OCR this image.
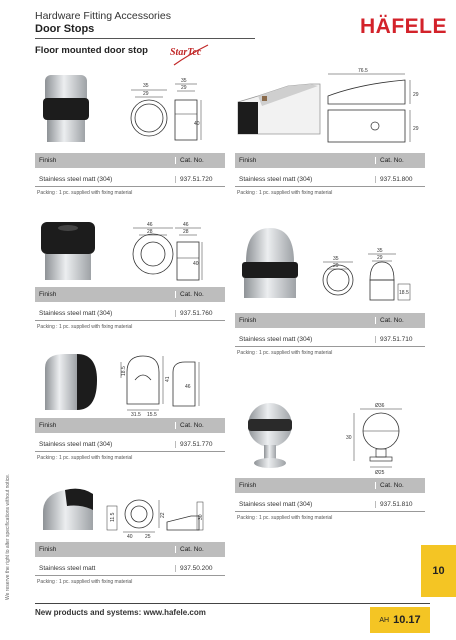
Hardware Fitting Accessories
Door Stops	HÄFELE
Floor mounted door stop StarTec
35
29
35
29
40
Finish	Cat. No.
Stainless steel matt (304)	937.51.720
Packing : 1 pc. supplied with fixing material
76.5
29
29
Finish	Cat. No.
Stainless steel matt (304)	937.51.800
Packing : 1 pc. supplied with fixing material
46
28
46
28
40
Finish	Cat. No.
Stainless steel matt (304)	937.51.760
Packing : 1 pc. supplied with fixing material
35
29
35
29
18.5
Finish	Cat. No.
Stainless steel matt (304)	937.51.710
Packing : 1 pc. supplied with fixing material
18.5
31.5 15.5
41
46
Finish	Cat. No.
Stainless steel matt (304)	937.51.770
Packing : 1 pc. supplied with fixing material
Ø36
30
Ø25
Finish	Cat. No.
Stainless steel matt (304)	937.51.810
Packing : 1 pc. supplied with fixing material
11.5
40 25
22	30
Finish	Cat. No.
Stainless steel matt	937.50.200
Packing : 1 pc. supplied with fixing material
We reserve the right to alter specifications without notice.	10
New products and systems: www.hafele.com
AH 10.17
